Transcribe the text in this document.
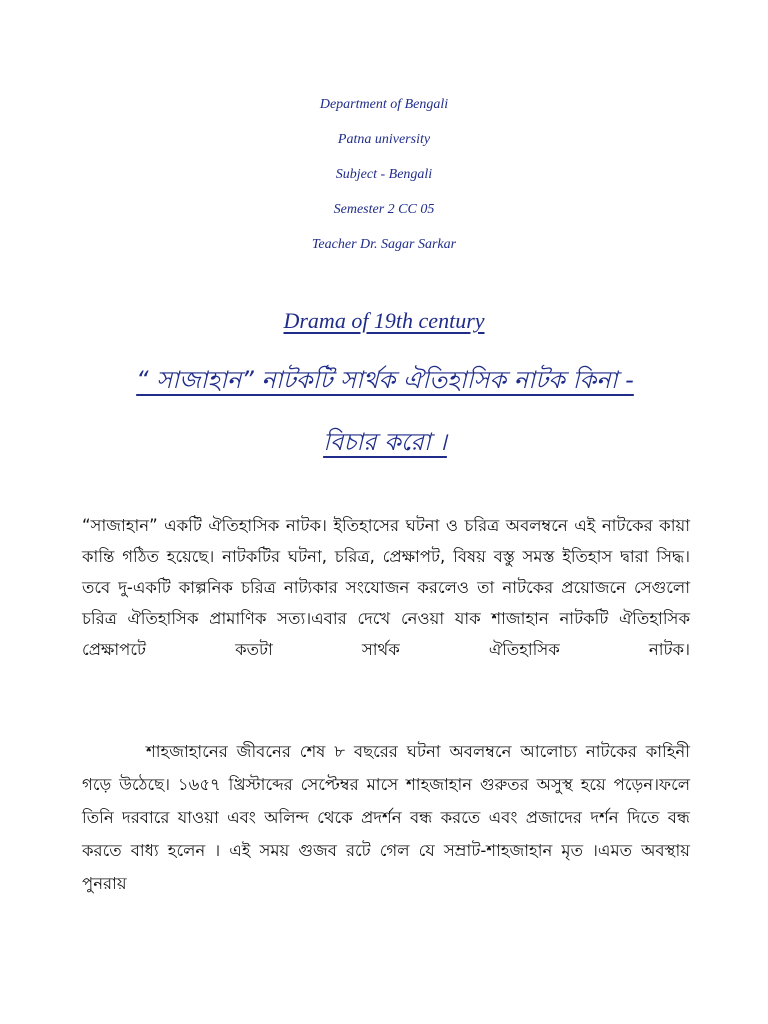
Department of Bengali
Patna university
Subject - Bengali
Semester 2 CC 05
Teacher Dr. Sagar Sarkar
Drama of 19th century
“ সাজাহান” নাটকটি সার্থক ঐতিহাসিক নাটক কিনা -
বিচার করো ।
“সাজাহান” একটি ঐতিহাসিক নাটক। ইতিহাসের ঘটনা ও চরিত্র অবলম্বনে এই নাটকের কায়া কান্তি গঠিত হয়েছে। নাটকটির ঘটনা, চরিত্র, প্রেক্ষাপট, বিষয় বস্তু সমস্ত ইতিহাস দ্বারা সিদ্ধ। তবে দু-একটি কাল্পনিক চরিত্র নাট্যকার সংযোজন করলেও তা নাটকের প্রয়োজনে সেগুলো চরিত্র ঐতিহাসিক প্রামাণিক সত্য।এবার দেখে নেওয়া যাক শাজাহান নাটকটি ঐতিহাসিক প্রেক্ষাপটে কতটা সার্থক ঐতিহাসিক নাটক।
শাহজাহানের জীবনের শেষ ৮ বছরের ঘটনা অবলম্বনে আলোচ্য নাটকের কাহিনী গড়ে উঠেছে। ১৬৫৭ খ্রিস্টাব্দের সেপ্টেম্বর মাসে শাহজাহান গুরুতর অসুস্থ হয়ে পড়েন।ফলে তিনি দরবারে যাওয়া এবং অলিন্দ থেকে প্রদর্শন বন্ধ করতে এবং প্রজাদের দর্শন দিতে বন্ধ করতে বাধ্য হলেন । এই সময় গুজব রটে গেল যে সম্রাট-শাহজাহান মৃত ।এমত অবস্থায় পুনরায়
